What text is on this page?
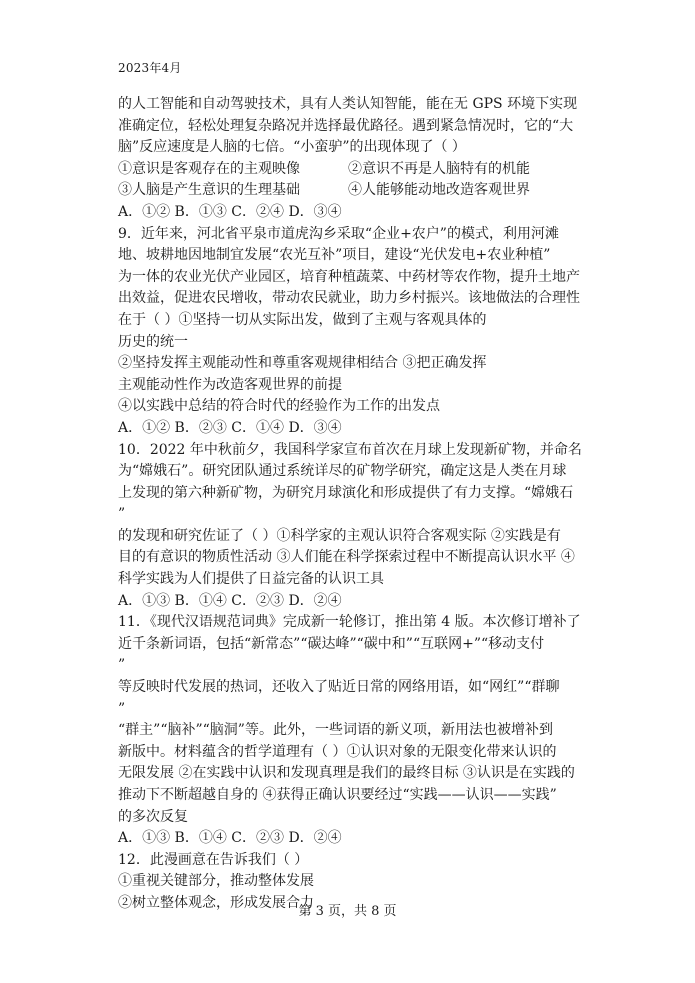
2023年4月

的人工智能和自动驾驶技术，具有人类认知智能，能在无 GPS 环境下实现

准确定位，轻松处理复杂路况并选择最优路径。遇到紧急情况时，它的“大

脑”反应速度是人脑的七倍。“小蛮驴”的出现体现了（ ）

①意识是客观存在的主观映像	②意识不再是人脑特有的机能

③人脑是产生意识的生理基础	④人能够能动地改造客观世界

A．①② B．①③ C．②④ D．③④

9．近年来，河北省平泉市道虎沟乡采取“企业+农户”的模式，利用河滩

地、坡耕地因地制宜发展“农光互补”项目，建设“光伏发电+农业种植”

为一体的农业光伏产业园区，培育种植蔬菜、中药材等农作物，提升土地产

出效益，促进农民增收，带动农民就业，助力乡村振兴。该地做法的合理性

在于（ ）①坚持一切从实际出发，做到了主观与客观具体的

历史的统一

②坚持发挥主观能动性和尊重客观规律相结合 ③把正确发挥

主观能动性作为改造客观世界的前提

④以实践中总结的符合时代的经验作为工作的出发点

A．①② B．②③ C．①④ D．③④

10．2022 年中秋前夕，我国科学家宣布首次在月球上发现新矿物，并命名

为“嫦娥石”。研究团队通过系统详尽的矿物学研究，确定这是人类在月球

上发现的第六种新矿物，为研究月球演化和形成提供了有力支撑。“嫦娥石

”

的发现和研究佐证了（ ）①科学家的主观认识符合客观实际 ②实践是有

目的有意识的物质性活动 ③人们能在科学探索过程中不断提高认识水平 ④

科学实践为人们提供了日益完备的认识工具

A．①③ B．①④ C．②③ D．②④

11．《现代汉语规范词典》完成新一轮修订，推出第 4 版。本次修订增补了

近千条新词语，包括“新常态”“碳达峰”“碳中和”“互联网+”“移动支付

”

等反映时代发展的热词，还收入了贴近日常的网络用语，如“网红”“群聊

”

“群主”“脑补”“脑洞”等。此外，一些词语的新义项，新用法也被增补到

新版中。材料蕴含的哲学道理有（ ）①认识对象的无限变化带来认识的

无限发展 ②在实践中认识和发现真理是我们的最终目标 ③认识是在实践的

推动下不断超越自身的 ④获得正确认识要经过“实践——认识——实践”

的多次反复

A．①③ B．①④ C．②③ D．②④

12．此漫画意在告诉我们（ ）

①重视关键部分，推动整体发展

②树立整体观念，形成发展合力

第 3 页，共 8 页
